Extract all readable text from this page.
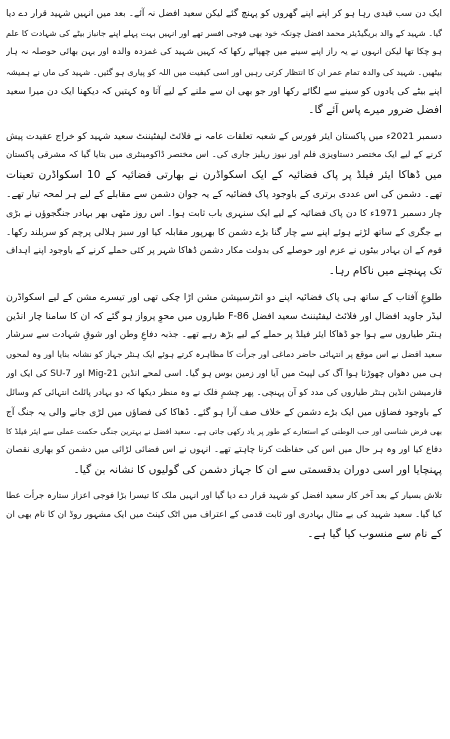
ایک دن سب قیدی رہا ہو کر اپنے اپنے گھروں کو پہنچ گئے لیکن سعید افضل نہ آئے۔ بعد میں انہیں شہید قرار دے دیا
گیا۔ شہید کے والد بریگیڈیئر محمد افضل چونکہ خود بھی فوجی افسر تھے اور انہیں بہت پہلے اپنے جانباز بیٹے کی شہادت کا علم
ہو چکا تھا لیکن انہوں نے یہ راز اپنے سینے میں چھپائے رکھا کہ کہیں شہید کی غمزدہ والدہ اور بہن بھائی حوصلہ نہ ہار
بیٹھیں۔ شہید کی والدہ تمام عمر ان کا انتظار کرتی رہیں اور اسی کیفیت میں اللہ کو پیاری ہو گئیں۔ شہید کی ماں نے ہمیشہ
اپنے بیٹے کی یادوں کو سینے سے لگائے رکھا اور جو بھی ان سے ملنے کے لیے آتا وہ کہتیں کہ دیکھنا ایک دن میرا سعید
افضل ضرور میرے پاس آئے گا۔
دسمبر 2021ء میں پاکستان ایئر فورس کے شعبہ تعلقات عامہ نے فلائٹ لیفٹیننٹ سعید شہید کو خراج عقیدت پیش
کرنے کے لیے ایک مختصر دستاویزی فلم اور نیوز ریلیز جاری کی۔ اس مختصر ڈاکومینٹری میں بتایا گیا کہ مشرقی پاکستان
میں ڈھاکا ایئر فیلڈ پر پاک فضائیہ کے ایک اسکواڈرن نے بھارتی فضائیہ کے 10 اسکواڈرن تعینات
تھے۔ دشمن کی اس عددی برتری کے باوجود پاک فضائیہ کے یہ جوان دشمن سے مقابلے کے لیے ہر لمحہ تیار تھے۔
چار دسمبر 1971ء کا دن پاک فضائیہ کے لیے ایک سنہری باب ثابت ہوا۔ اس روز مٹھی بھر بہادر جنگجوؤں نے بڑی
بے جگری کے ساتھ لڑتے ہوئے اپنے سے چار گنا بڑے دشمن کا بھرپور مقابلہ کیا اور سبز ہلالی پرچم کو سربلند رکھا۔
قوم کے ان بہادر بیٹوں نے عزم اور حوصلے کی بدولت مکار دشمن ڈھاکا شہر پر کئی حملے کرنے کے باوجود اپنے اہداف
تک پہنچنے میں ناکام رہا۔
طلوعِ آفتاب کے ساتھ ہی پاک فضائیہ اپنے دو انٹرسیپشن مشن اڑا چکی تھی اور تیسرے مشن کے لیے اسکواڈرن
لیڈر جاوید افضال اور فلائٹ لیفٹیننٹ سعید افضل F-86 طیاروں میں محوِ پرواز ہو گئے کہ ان کا سامنا چار انڈین
ہنٹر طیاروں سے ہوا جو ڈھاکا ایئر فیلڈ پر حملے کے لیے بڑھ رہے تھے۔ جذبہ دفاعِ وطن اور شوقِ شہادت سے سرشار
سعید افضل نے اس موقع پر انتہائی حاضر دماغی اور جرأت کا مظاہرہ کرتے ہوئے ایک ہنٹر جہاز کو نشانہ بنایا اور وہ لمحوں
ہی میں دھواں چھوڑتا ہوا آگ کی لپیٹ میں آیا اور زمین بوس ہو گیا۔ اسی لمحے انڈین Mig-21 اور SU-7 کی ایک اور
فارمیشن انڈین ہنٹر طیاروں کی مدد کو آن پہنچی۔ پھر چشمِ فلک نے وہ منظر دیکھا کہ دو بہادر پائلٹ انتہائی کم وسائل
کے باوجود فضاؤں میں ایک بڑے دشمن کے خلاف صف آرا ہو گئے۔ ڈھاکا کی فضاؤں میں لڑی جانے والی یہ جنگ آج
بھی فرض شناسی اور حب الوطنی کے استعارے کے طور پر یاد رکھی جاتی ہے۔ سعید افضل نے بہترین جنگی حکمت عملی سے ایئر فیلڈ کا
دفاع کیا اور وہ ہر حال میں اس کی حفاظت کرنا چاہتے تھے۔ انہوں نے اس فضائی لڑائی میں دشمن کو بھاری نقصان
پہنچایا اور اسی دوران بدقسمتی سے ان کا جہاز دشمن کی گولیوں کا نشانہ بن گیا۔
تلاش بسیار کے بعد آخر کار سعید افضل کو شہید قرار دے دیا گیا اور انہیں ملک کا تیسرا بڑا فوجی اعزاز ستارہ جرأت عطا
کیا گیا۔ سعید شہید کی بے مثال بہادری اور ثابت قدمی کے اعتراف میں اٹک کینٹ میں ایک مشہور روڈ ان کا نام بھی ان
کے نام سے منسوب کیا گیا ہے۔
